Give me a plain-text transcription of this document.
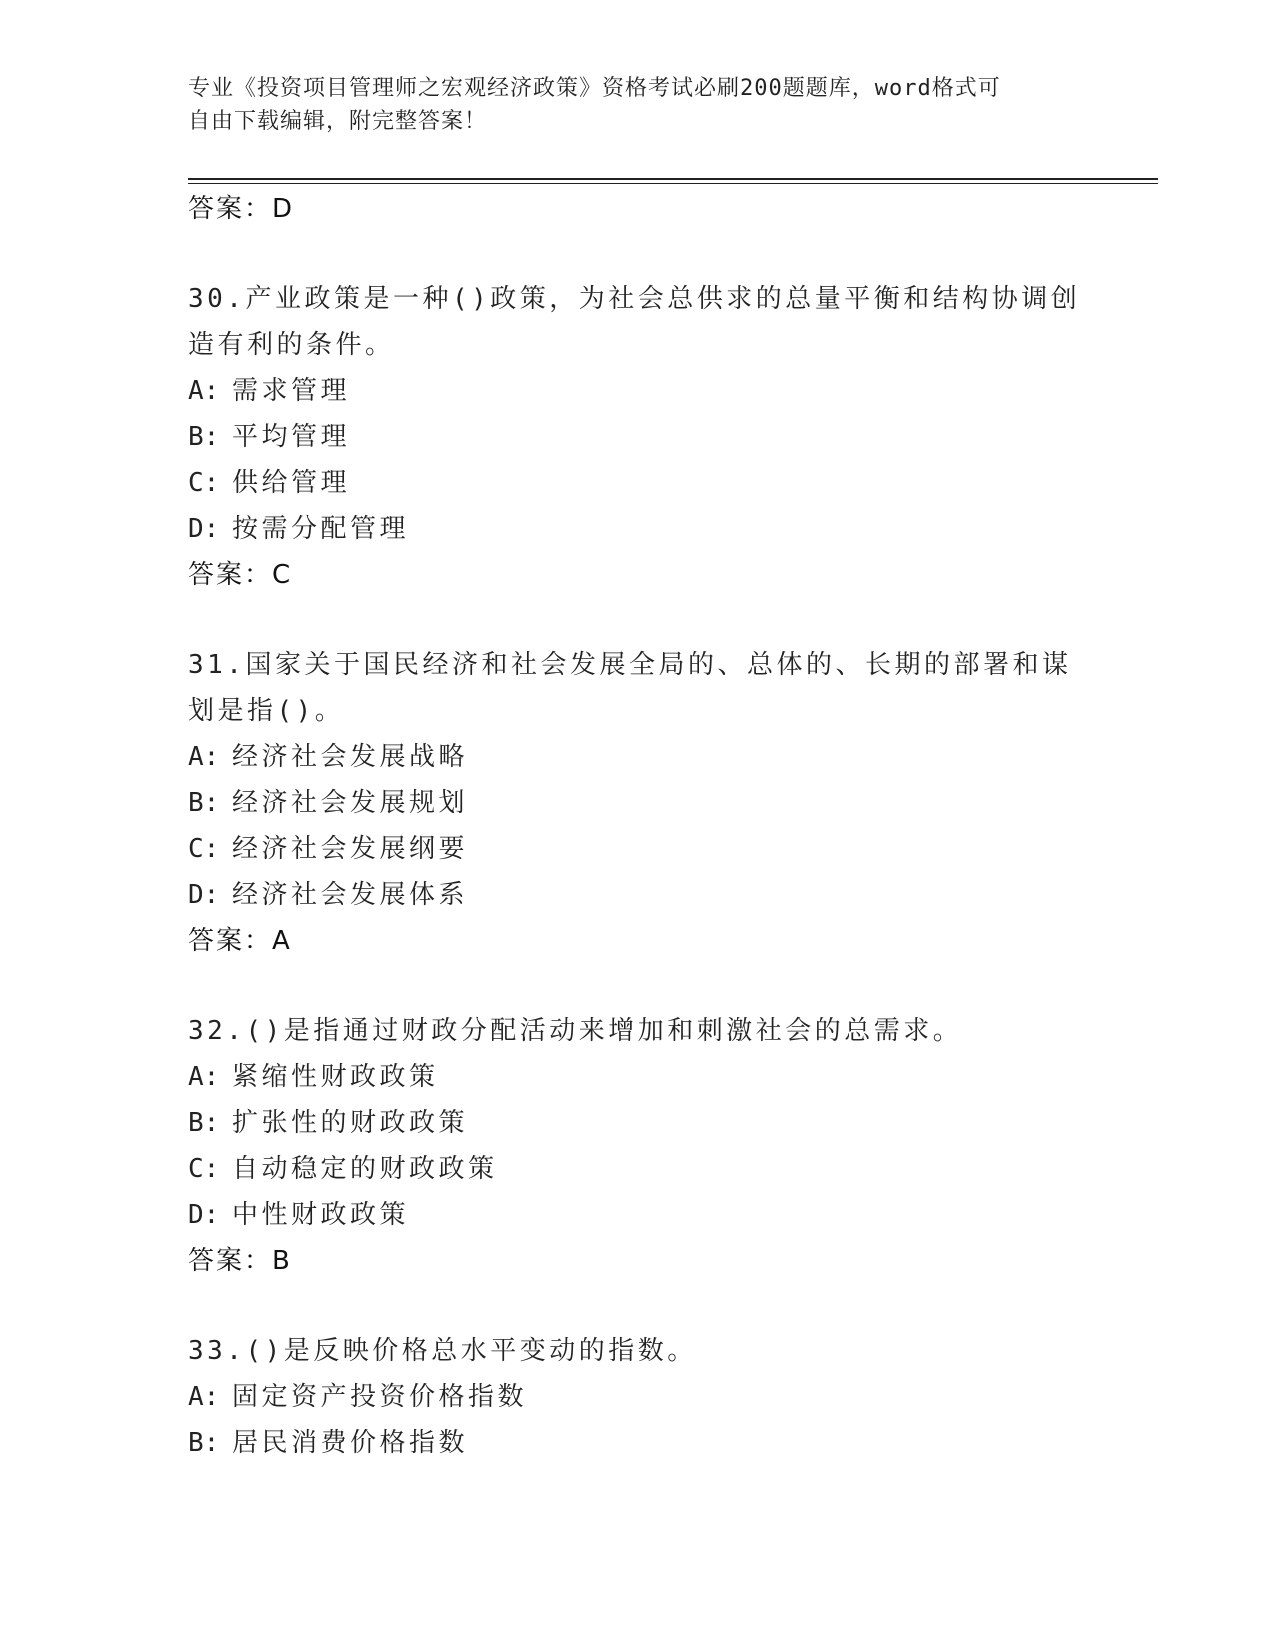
专业《投资项目管理师之宏观经济政策》资格考试必刷200题题库，word格式可
自由下载编辑，附完整答案！
答案：D
30.产业政策是一种()政策，为社会总供求的总量平衡和结构协调创造有利的条件。
A: 需求管理
B: 平均管理
C: 供给管理
D: 按需分配管理
答案：C
31.国家关于国民经济和社会发展全局的、总体的、长期的部署和谋划是指()。
A: 经济社会发展战略
B: 经济社会发展规划
C: 经济社会发展纲要
D: 经济社会发展体系
答案：A
32.()是指通过财政分配活动来增加和刺激社会的总需求。
A: 紧缩性财政政策
B: 扩张性的财政政策
C: 自动稳定的财政政策
D: 中性财政政策
答案：B
33.()是反映价格总水平变动的指数。
A: 固定资产投资价格指数
B: 居民消费价格指数
